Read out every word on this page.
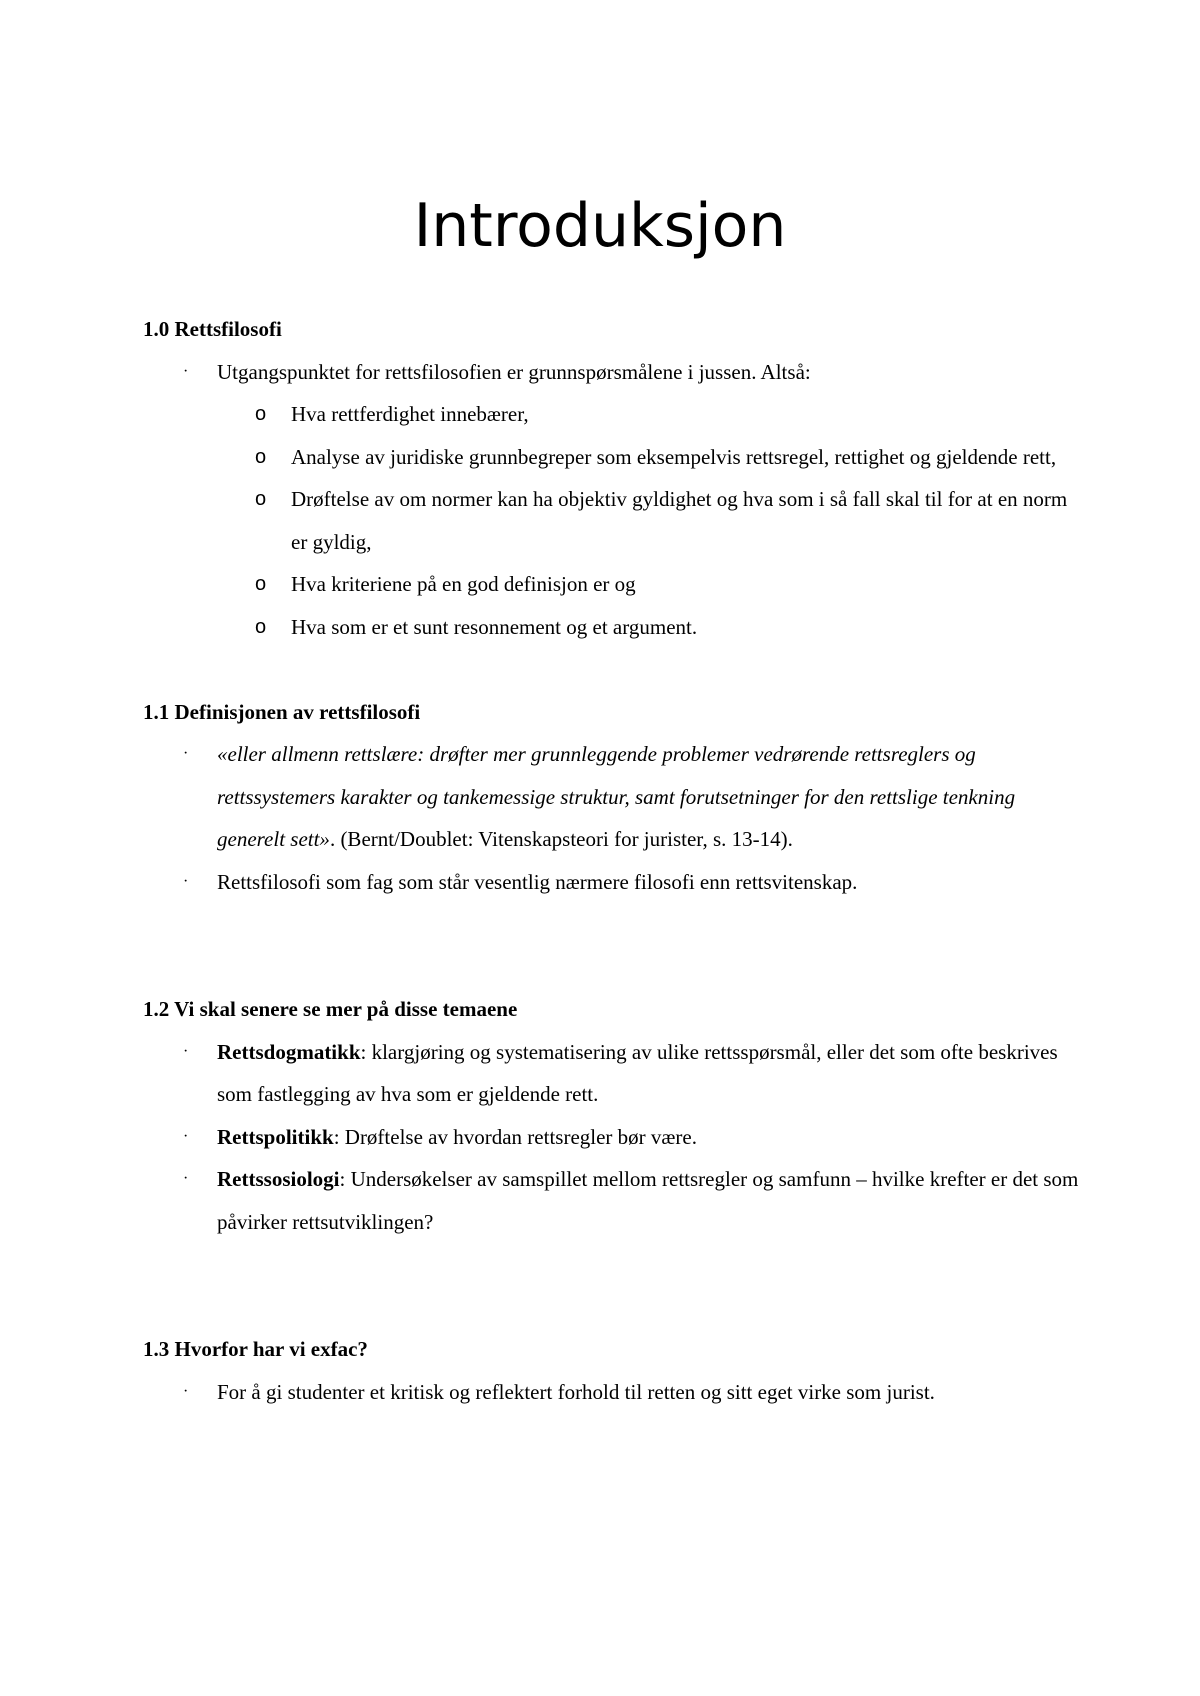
Introduksjon

1.0 Rettsfilosofi

· Utgangspunktet for rettsfilosofien er grunnspørsmålene i jussen. Altså:
o Hva rettferdighet innebærer,
o Analyse av juridiske grunnbegreper som eksempelvis rettsregel, rettighet og gjeldende rett,
o Drøftelse av om normer kan ha objektiv gyldighet og hva som i så fall skal til for at en norm er gyldig,
o Hva kriteriene på en god definisjon er og
o Hva som er et sunt resonnement og et argument.

1.1 Definisjonen av rettsfilosofi

· «eller allmenn rettslære: drøfter mer grunnleggende problemer vedrørende rettsreglers og rettssystemers karakter og tankemessige struktur, samt forutsetninger for den rettslige tenkning generelt sett». (Bernt/Doublet: Vitenskapsteori for jurister, s. 13-14).
· Rettsfilosofi som fag som står vesentlig nærmere filosofi enn rettsvitenskap.

1.2 Vi skal senere se mer på disse temaene

· Rettsdogmatikk: klargjøring og systematisering av ulike rettsspørsmål, eller det som ofte beskrives som fastlegging av hva som er gjeldende rett.
· Rettspolitikk: Drøftelse av hvordan rettsregler bør være.
· Rettssosiologi: Undersøkelser av samspillet mellom rettsregler og samfunn – hvilke krefter er det som påvirker rettsutviklingen?

1.3 Hvorfor har vi exfac?

· For å gi studenter et kritisk og reflektert forhold til retten og sitt eget virke som jurist.
